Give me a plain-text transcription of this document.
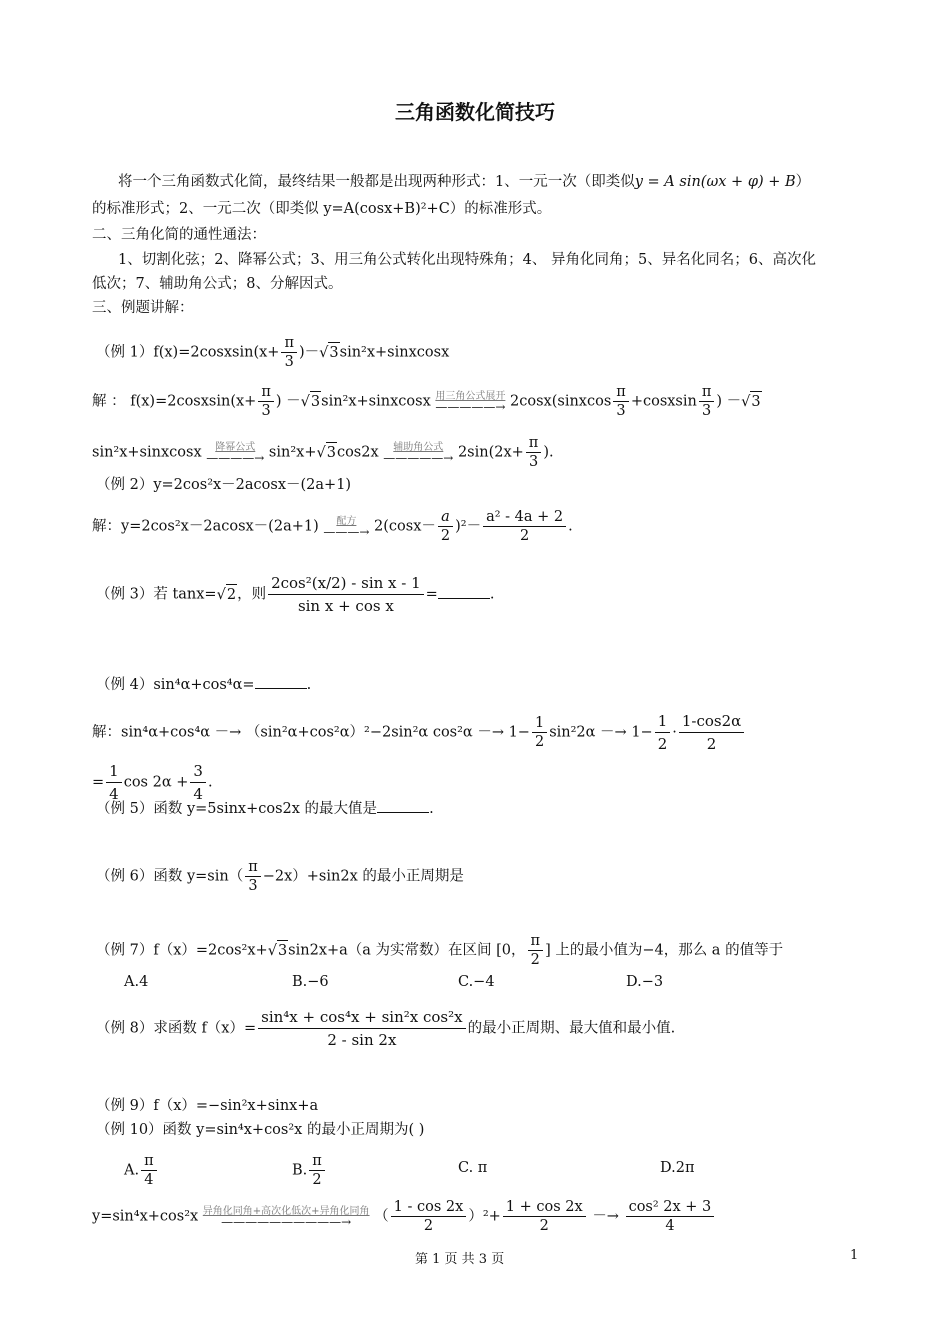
三角函数化简技巧
将一个三角函数式化简，最终结果一般都是出现两种形式：1、一元一次（即类似y = A sin(ωx + φ) + B）
的标准形式；2、一元二次（即类似 y=A(cosx+B)²+C）的标准形式。
二、三角化简的通性通法：
1、切割化弦；2、降幂公式；3、用三角公式转化出现特殊角；4、 异角化同角；5、异名化同名；6、高次化
低次；7、辅助角公式；8、分解因式。
三、例题讲解：
（例 1）f(x)=2cosxsin(x+ $\frac{\pi}{3}$ )－√3sin²x+sinxcosx
解 ： f(x)=2cosxsin(x+ $\frac{\pi}{3}$ ) －√3sin²x+sinxcosx 用三角公式展开
—————→ 2cosx(sinxcos $\frac{\pi}{3}$ +cosxsin $\frac{\pi}{3}$ ) －√3
sin²x+sinxcosx	降幂公式
————→ sin²x+√3cos2x	辅助角公式
—————→ $2\sin(2x+ \frac{\pi}{3}$ ).
（例 2）y=2cos²x－2acosx－(2a+1)
解：y=2cos²x－2acosx－(2a+1)	配方
———→ $2(\cos x- \frac{a}{2} )^2- \frac{\text{a² - 4a + 2}}{2}$ .
（例 3）若 tanx=√2，则 $\frac{\text{2cos²(x/2) - sin x - 1}}{\text{sin x + cos x}}$ =	.
（例 4）sin⁴α+cos⁴α=	.
解：sin⁴α+cos⁴α －→ （sin²α+cos²α）²−2sin²α $\cos^2\alpha -\to 1- \frac{1}{2} \sin^22\alpha -\to 1- \frac{1}{2} \cdot \frac{1-\cos 2\alpha}{2}$
= $\frac{1}{4}$ $\cos 2\alpha + \frac{3}{4}$ .
（例 5）函数 y=5sinx+cos2x 的最大值是	.
（例 6）函数 $y=\sin( \frac{\pi}{3} -2x)+\sin 2x$ 的最小正周期是
（例 7）f（x）=2cos²x+√3sin2x+a（a 为实常数）在区间 [0， $\frac{\pi}{2}$ ] 上的最小值为−4，那么 a 的值等于
A.4	B.−6	C.−4	D.−3
（例 8）求函数 $f(x)= \frac{\text{sin⁴x + cos⁴x + sin²x cos²x}}{2 - \sin 2x}$ 的最小正周期、最大值和最小值.
（例 9）f（x）=−sin²x+sinx+a
（例 10）函数 y=sin⁴x+cos²x 的最小正周期为( )
A. $\frac{\pi}{4}$	B. $\frac{\pi}{2}$	C. π	D.2π
y=sin⁴x+cos²x 异角化同角+高次化低次+异角化同角
——————————→	（ $\frac{1 - \cos 2x}{2} )^2+ \frac{1 + \cos 2x}{2} -\to \frac{\text{cos² 2x + 3}}{4}$
第 1 页 共 3 页	1
